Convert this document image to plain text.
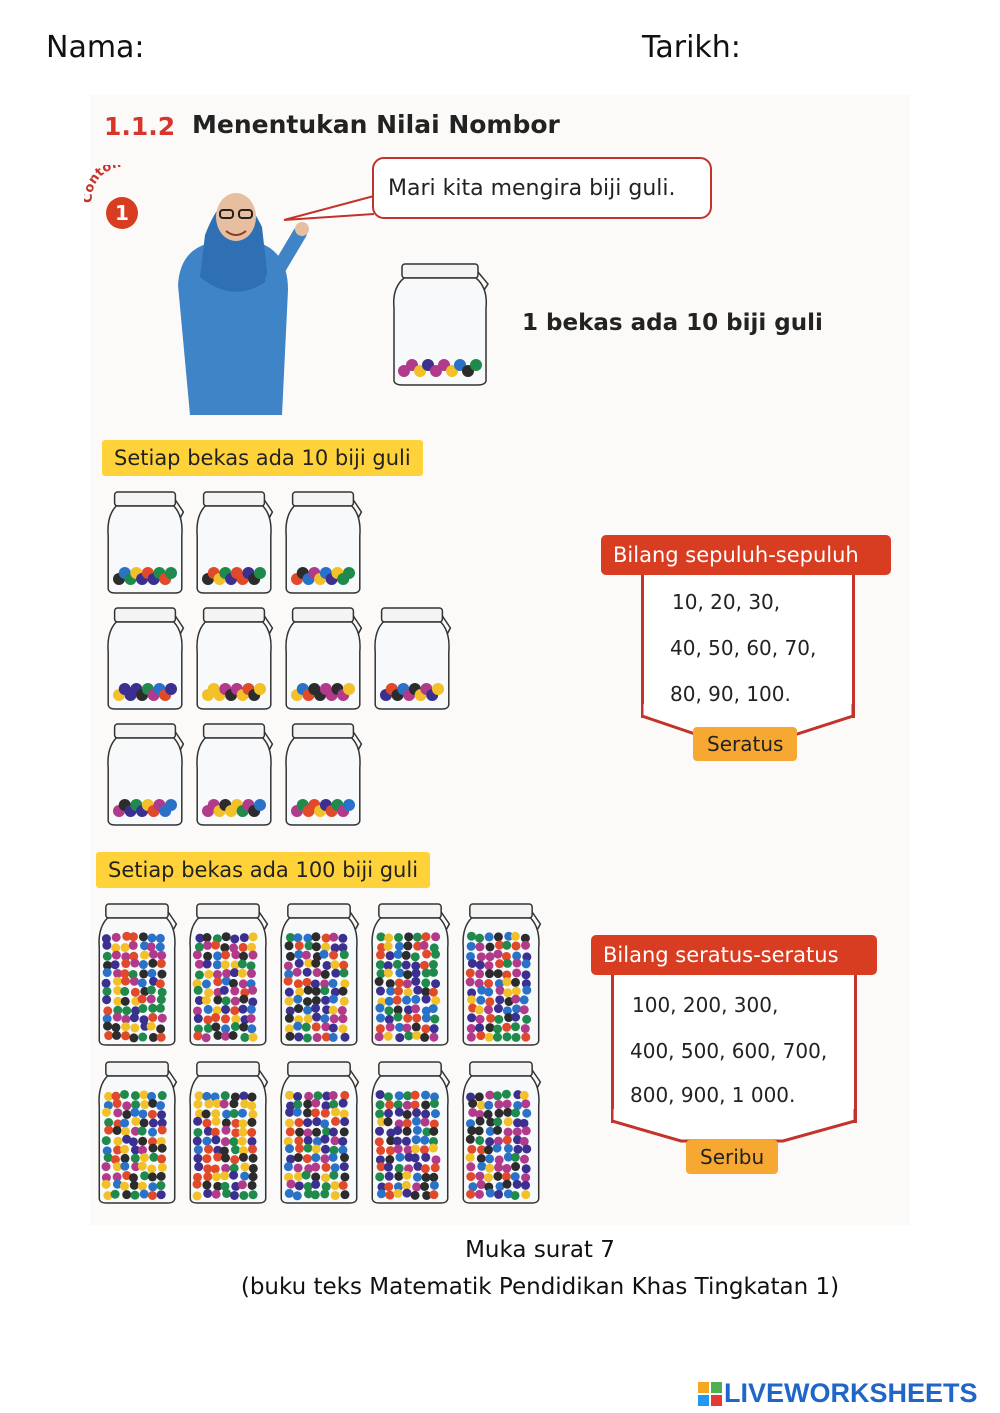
Nama:	Tarikh:
1.1.2 Menentukan Nilai Nombor
nto
1
Mari kita mengira biji guli.
1 bekas ada 10 biji guli
Setiap bekas ada 10 biji guli
Bilang sepuluh-sepuluh
10, 20, 30,
40, 50, 60, 70,
80, 90, 100.
Seratus
Setiap bekas ada 100 biji guli
Bilang seratus-seratus
100, 200, 300,
400, 500, 600, 700,
800, 900, 1 000.
Seribu
Muka surat 7
(buku teks Matematik Pendidikan Khas Tingkatan 1)
LIVEWORKSHEETS
